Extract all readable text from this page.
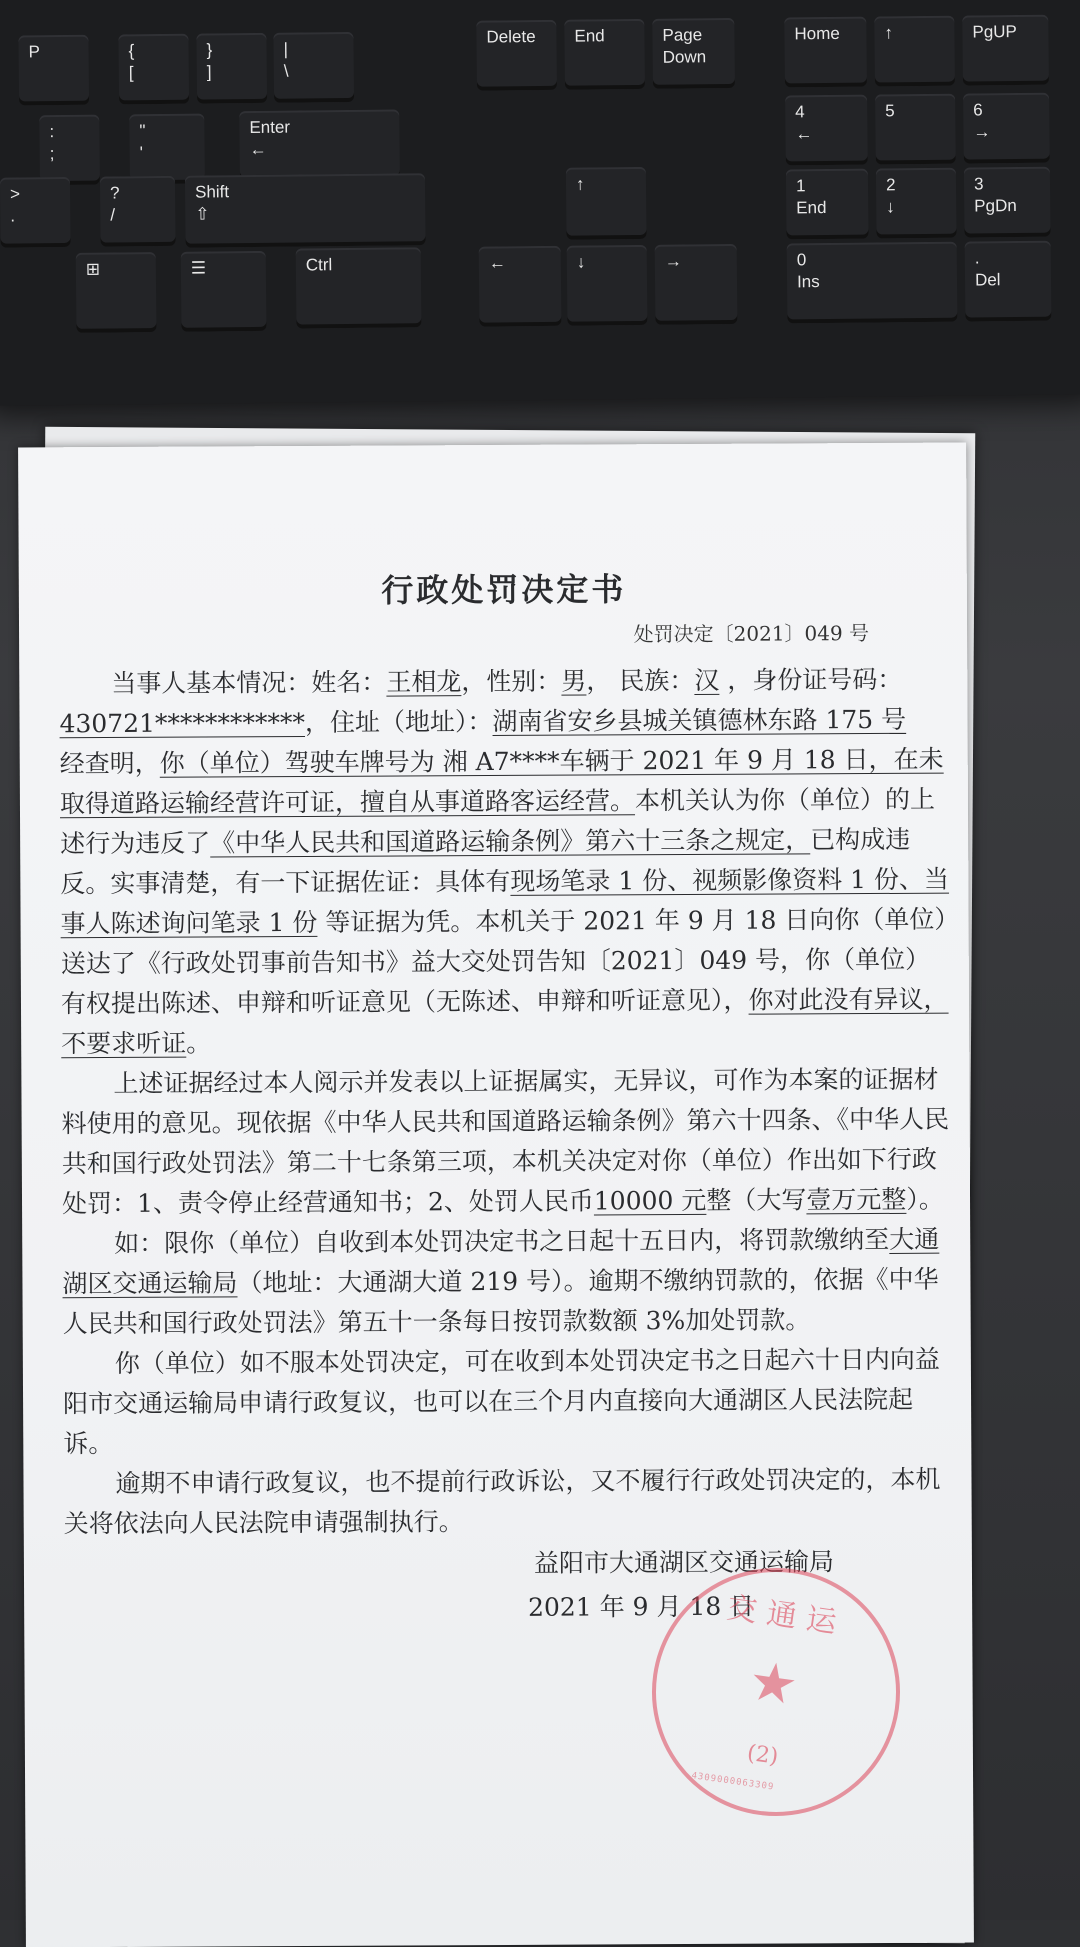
P	{
[
}
]
|
\
Delete End	Page
Down
Home	↑	PgUP
:
;
"
'
Enter
←
4
←
5	6
→
>
.
?
/
Shift
⇧
↑	1
End
2
↓
3
PgDn
⊞	☰	Ctrl	←	↓	→	0
Ins
.
Del
行政处罚决定书
处罚决定〔2021〕049 号

当事人基本情况：姓名：王相龙，性别：男， 民族：汉 ，身份证号码：

430721************，住址（地址）：湖南省安乡县城关镇德林东路 175 号

经查明，你（单位）驾驶车牌号为 湘 A7****车辆于 2021 年 9 月 18 日，在未取得道路运输经营许可证，擅自从事道路客运经营。本机关认为你（单位）的上述行为违反了《中华人民共和国道路运输条例》第六十三条之规定，已构成违反。实事清楚，有一下证据佐证：具体有现场笔录 1 份、视频影像资料 1 份、当事人陈述询问笔录 1 份 等证据为凭。本机关于 2021 年 9 月 18 日向你（单位）送达了《行政处罚事前告知书》益大交处罚告知〔2021〕049 号，你（单位）有权提出陈述、申辩和听证意见（无陈述、申辩和听证意见），你对此没有异议，不要求听证。

上述证据经过本人阅示并发表以上证据属实，无异议，可作为本案的证据材料使用的意见。现依据《中华人民共和国道路运输条例》第六十四条、《中华人民共和国行政处罚法》第二十七条第三项，本机关决定对你（单位）作出如下行政处罚：1、责令停止经营通知书；2、处罚人民币10000 元整（大写壹万元整）。

如：限你（单位）自收到本处罚决定书之日起十五日内，将罚款缴纳至大通湖区交通运输局（地址：大通湖大道 219 号）。逾期不缴纳罚款的，依据《中华人民共和国行政处罚法》第五十一条每日按罚款数额 3%加处罚款。

你（单位）如不服本处罚决定，可在收到本处罚决定书之日起六十日内向益阳市交通运输局申请行政复议，也可以在三个月内直接向大通湖区人民法院起诉。

逾期不申请行政复议，也不提前行政诉讼，又不履行行政处罚决定的，本机关将依法向人民法院申请强制执行。

益阳市大通湖区交通运输局
2021 年 9 月 18 日
交通运
★
(2)
4309000063309
